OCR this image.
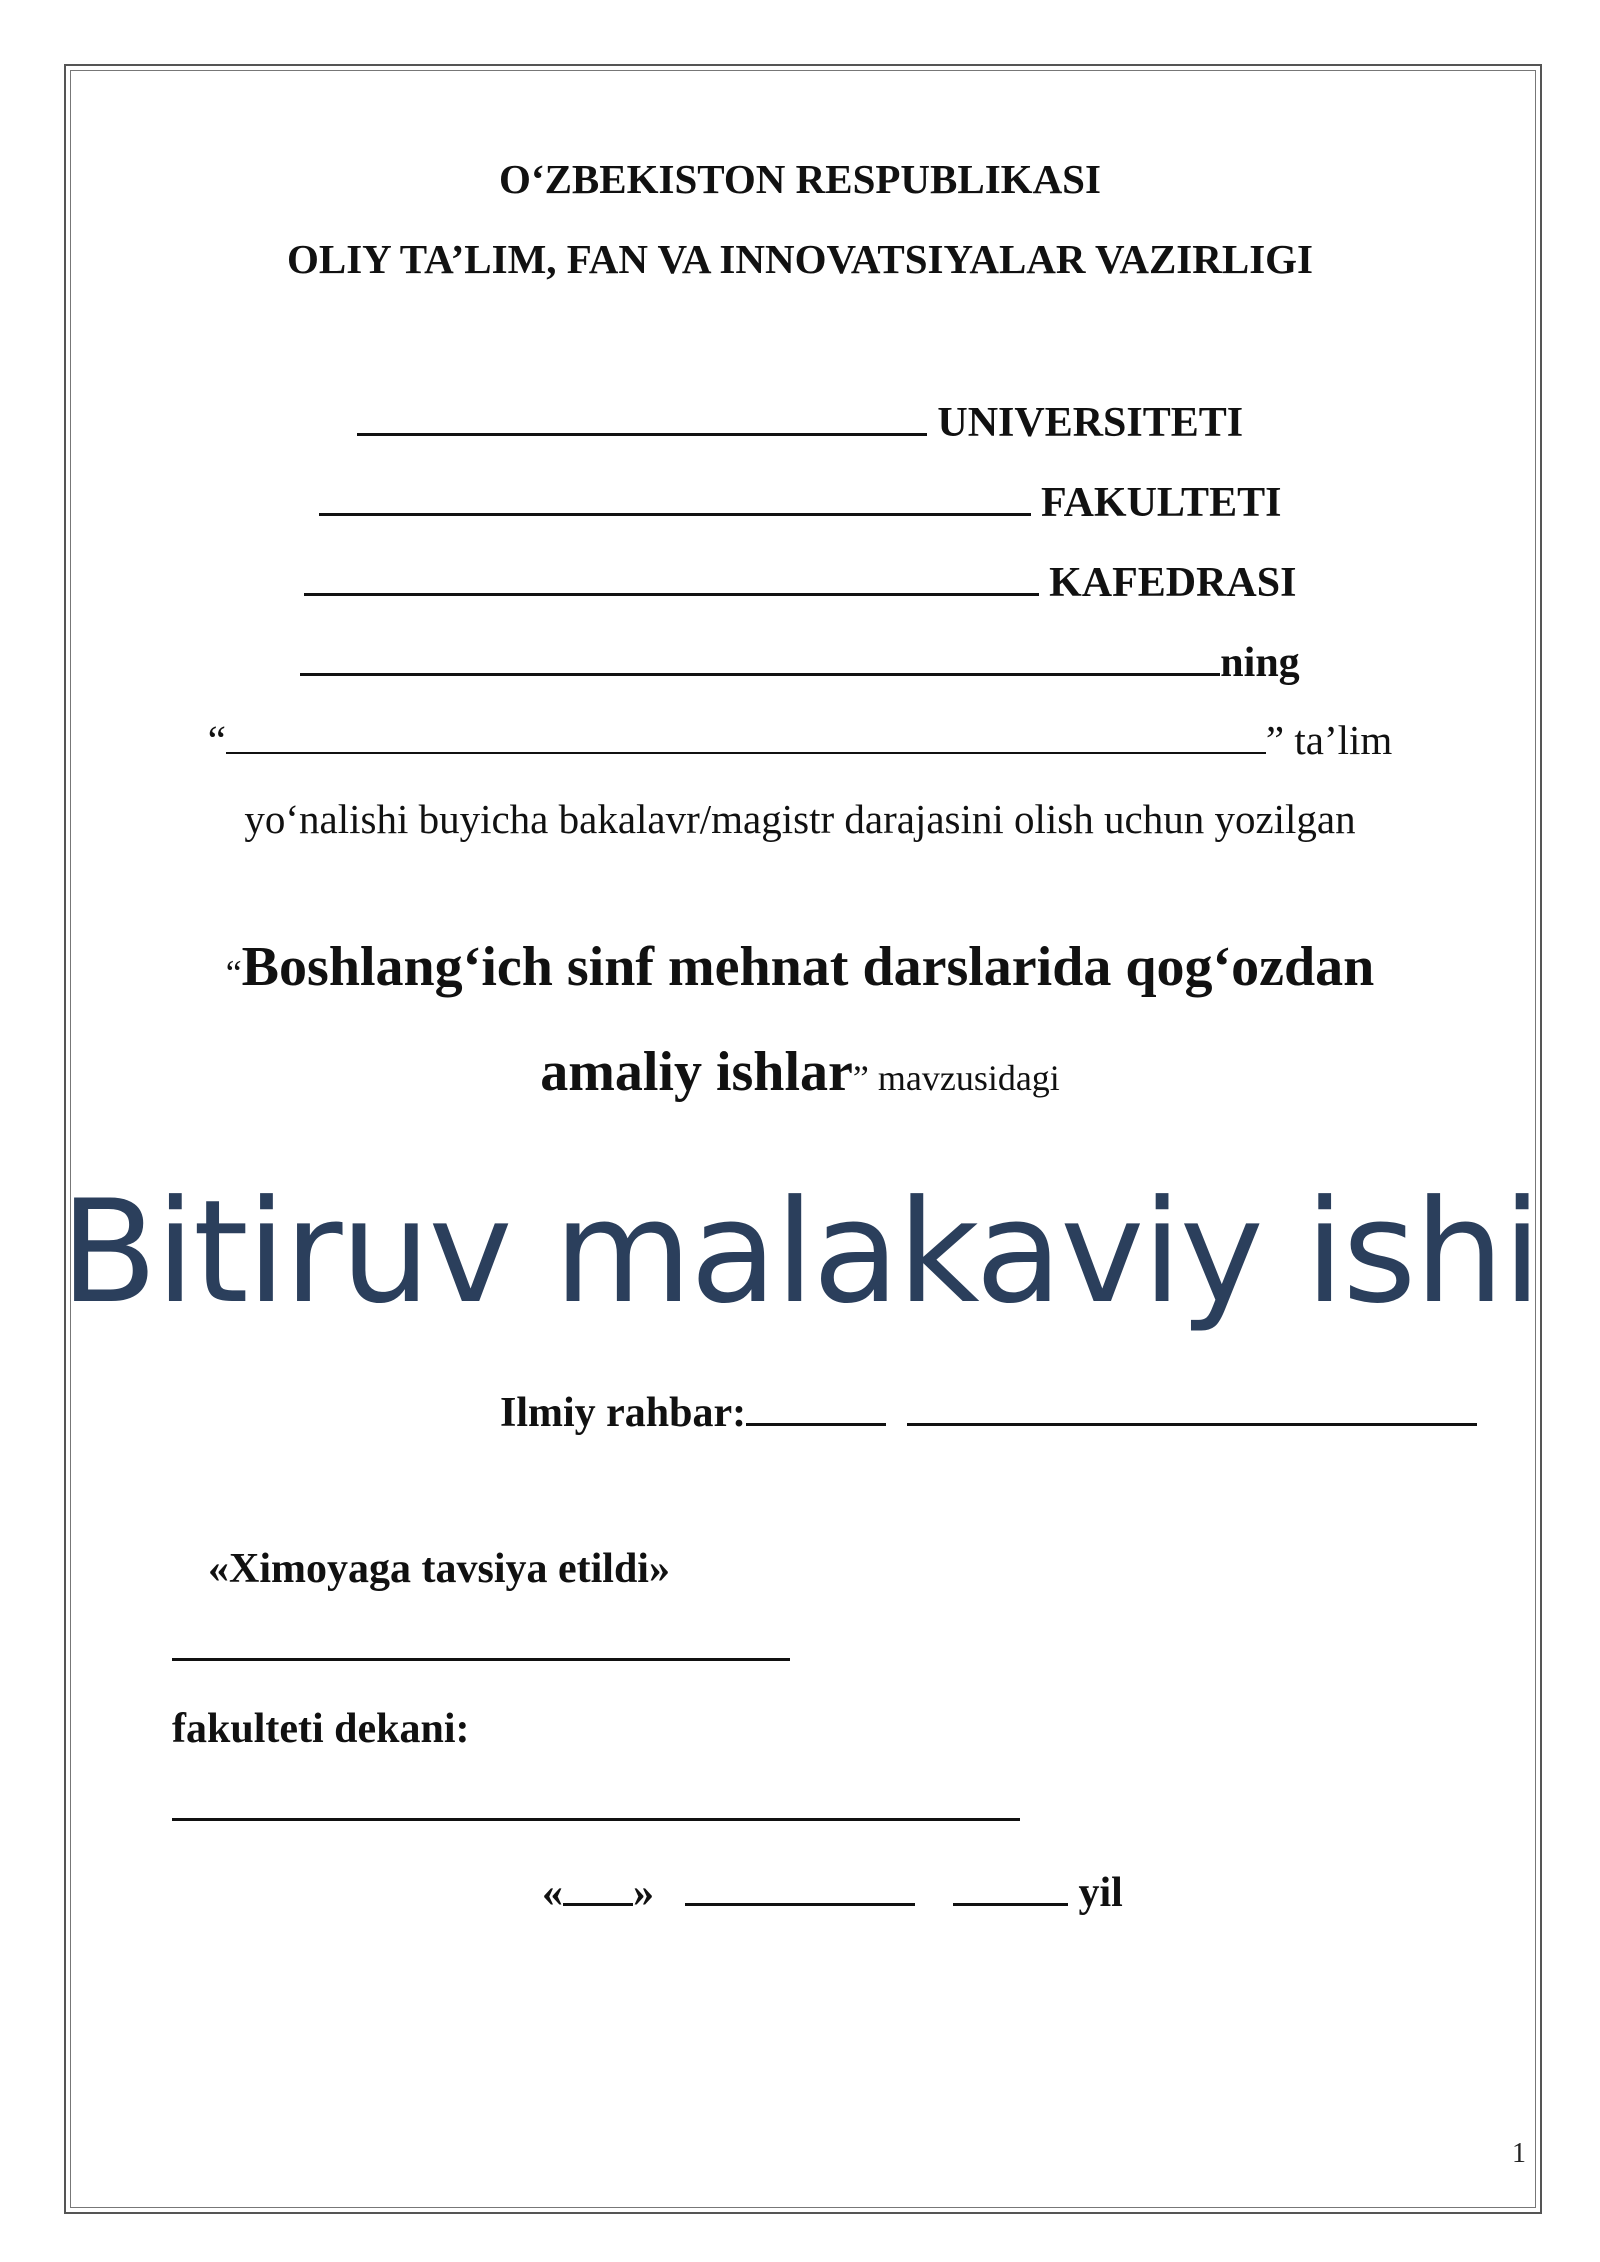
O‘ZBEKISTON RESPUBLIKASI
OLIY TA’LIM, FAN VA INNOVATSIYALAR VAZIRLIGI
UNIVERSITETI
FAKULTETI
KAFEDRASI
ning
“	” ta’lim
yo‘nalishi buyicha bakalavr/magistr darajasini olish uchun yozilgan
“Boshlang‘ich sinf mehnat darslarida qog‘ozdan
amaliy ishlar” mavzusidagi
Bitiruv malakaviy ishi
Ilmiy rahbar:
«Ximoyaga tavsiya etildi»
fakulteti dekani:
« »	yil
1
